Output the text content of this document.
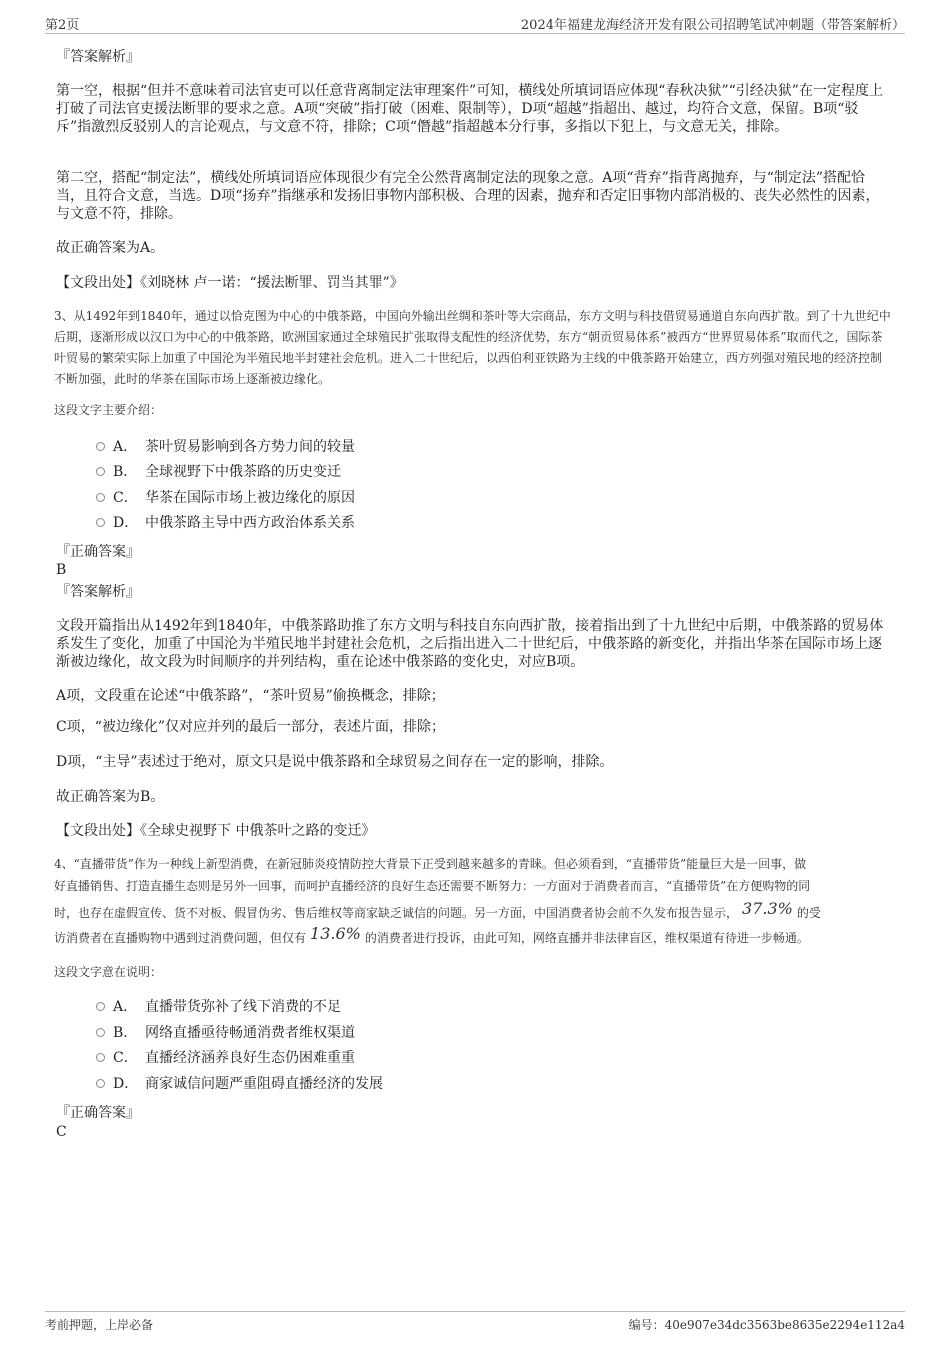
第2页	2024年福建龙海经济开发有限公司招聘笔试冲刺题（带答案解析）
『答案解析』
第一空，根据“但并不意味着司法官吏可以任意背离制定法审理案件”可知，横线处所填词语应体现“春秋决狱”“引经决狱”在一定程度上打破了司法官吏援法断罪的要求之意。A项“突破”指打破（困难、限制等），D项“超越”指超出、越过，均符合文意，保留。B项“驳斥”指激烈反驳别人的言论观点，与文意不符，排除；C项“僭越”指超越本分行事，多指以下犯上，与文意无关，排除。
第二空，搭配“制定法”，横线处所填词语应体现很少有完全公然背离制定法的现象之意。A项“背弃”指背离抛弃，与“制定法”搭配恰当，且符合文意，当选。D项“扬弃”指继承和发扬旧事物内部积极、合理的因素，抛弃和否定旧事物内部消极的、丧失必然性的因素，与文意不符，排除。
故正确答案为A。
【文段出处】《刘晓林 卢一诺：“援法断罪、罚当其罪”》
3、从1492年到1840年，通过以恰克图为中心的中俄茶路，中国向外输出丝绸和茶叶等大宗商品，东方文明与科技借贸易通道自东向西扩散。到了十九世纪中后期，逐渐形成以汉口为中心的中俄茶路，欧洲国家通过全球殖民扩张取得支配性的经济优势，东方“朝贡贸易体系”被西方“世界贸易体系”取而代之，国际茶叶贸易的繁荣实际上加重了中国沦为半殖民地半封建社会危机。进入二十世纪后，以西伯利亚铁路为主线的中俄茶路开始建立，西方列强对殖民地的经济控制不断加强，此时的华茶在国际市场上逐渐被边缘化。
这段文字主要介绍：
A． 茶叶贸易影响到各方势力间的较量
B． 全球视野下中俄茶路的历史变迁
C． 华茶在国际市场上被边缘化的原因
D． 中俄茶路主导中西方政治体系关系
『正确答案』
B
『答案解析』
文段开篇指出从1492年到1840年，中俄茶路助推了东方文明与科技自东向西扩散，接着指出到了十九世纪中后期，中俄茶路的贸易体系发生了变化，加重了中国沦为半殖民地半封建社会危机，之后指出进入二十世纪后，中俄茶路的新变化，并指出华茶在国际市场上逐渐被边缘化，故文段为时间顺序的并列结构，重在论述中俄茶路的变化史，对应B项。
A项，文段重在论述“中俄茶路”，“茶叶贸易”偷换概念，排除；
C项，“被边缘化”仅对应并列的最后一部分，表述片面，排除；
D项，“主导”表述过于绝对，原文只是说中俄茶路和全球贸易之间存在一定的影响，排除。
故正确答案为B。
【文段出处】《全球史视野下 中俄茶叶之路的变迁》
4、“直播带货”作为一种线上新型消费，在新冠肺炎疫情防控大背景下正受到越来越多的青睐。但必须看到，“直播带货”能量巨大是一回事，做
好直播销售、打造直播生态则是另外一回事，而呵护直播经济的良好生态还需要不断努力：一方面对于消费者而言，“直播带货”在方便购物的同
时，也存在虚假宣传、货不对板、假冒伪劣、售后维权等商家缺乏诚信的问题。另一方面，中国消费者协会前不久发布报告显示， 37.3% 的受
访消费者在直播购物中遇到过消费问题，但仅有 13.6% 的消费者进行投诉，由此可知，网络直播并非法律盲区，维权渠道有待进一步畅通。
这段文字意在说明：
A． 直播带货弥补了线下消费的不足
B． 网络直播亟待畅通消费者维权渠道
C． 直播经济涵养良好生态仍困难重重
D． 商家诚信问题严重阻碍直播经济的发展
『正确答案』
C
考前押题，上岸必备	编号：40e907e34dc3563be8635e2294e112a4
